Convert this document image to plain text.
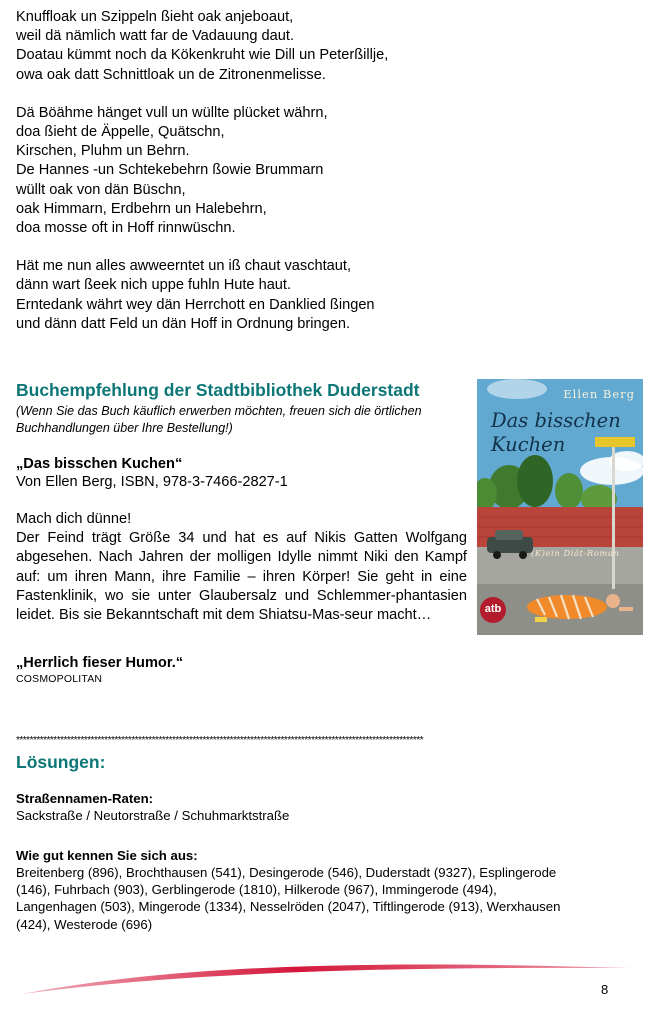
Knuffloak un Szippeln ßieht oak anjeboaut,

weil dä nämlich watt far de Vadauung daut.

Doatau kümmt noch da Kökenkruht wie Dill un Peterßillje,

owa oak datt Schnittloak un de Zitronenmelisse.

Dä Böähme hänget vull un wüllte plücket währn,

doa ßieht de Äppelle, Quätschn,

Kirschen, Pluhm un Behrn.

De Hannes -un Schtekebehrn ßowie Brummarn

wüllt oak von dän Büschn,

oak Himmarn, Erdbehrn un Halebehrn,

doa mosse oft in Hoff rinnwüschn.

Hät me nun alles awweerntet un iß chaut vaschtaut,

dänn wart ßeek nich uppe fuhln Hute haut.

Erntedank währt wey dän Herrchott en Danklied ßingen

und dänn datt Feld un dän Hoff in Ordnung bringen.

Buchempfehlung der Stadtbibliothek Duderstadt

(Wenn Sie das Buch käuflich erwerben möchten, freuen sich die örtlichen Buchhandlungen über Ihre Bestellung!)

„Das bisschen Kuchen“

Von Ellen Berg, ISBN, 978-3-7466-2827-1

Mach dich dünne!

Der Feind trägt Größe 34 und hat es auf Nikis Gatten Wolfgang abgesehen. Nach Jahren der molligen Idylle nimmt Niki den Kampf auf: um ihren Mann, ihre Familie – ihren Körper! Sie geht in eine Fastenklinik, wo sie unter Glaubersalz und Schlemmer-phantasien leidet. Bis sie Bekanntschaft mit dem Shiatsu-Mas-seur macht…

„Herrlich fieser Humor.“

COSMOPOLITAN

Ellen Berg
Das bisschen
Kuchen
(K)ein Diät-Roman
atb
************************************************************************************************************************
Lösungen:

Straßennamen-Raten:

Sackstraße / Neutorstraße / Schuhmarktstraße

Wie gut kennen Sie sich aus:

Breitenberg (896), Brochthausen (541), Desingerode (546), Duderstadt (9327), Esplingerode (146), Fuhrbach (903), Gerblingerode (1810), Hilkerode (967), Immingerode (494), Langenhagen (503), Mingerode (1334), Nesselröden (2047), Tiftlingerode (913), Werxhausen (424), Westerode (696)

8
